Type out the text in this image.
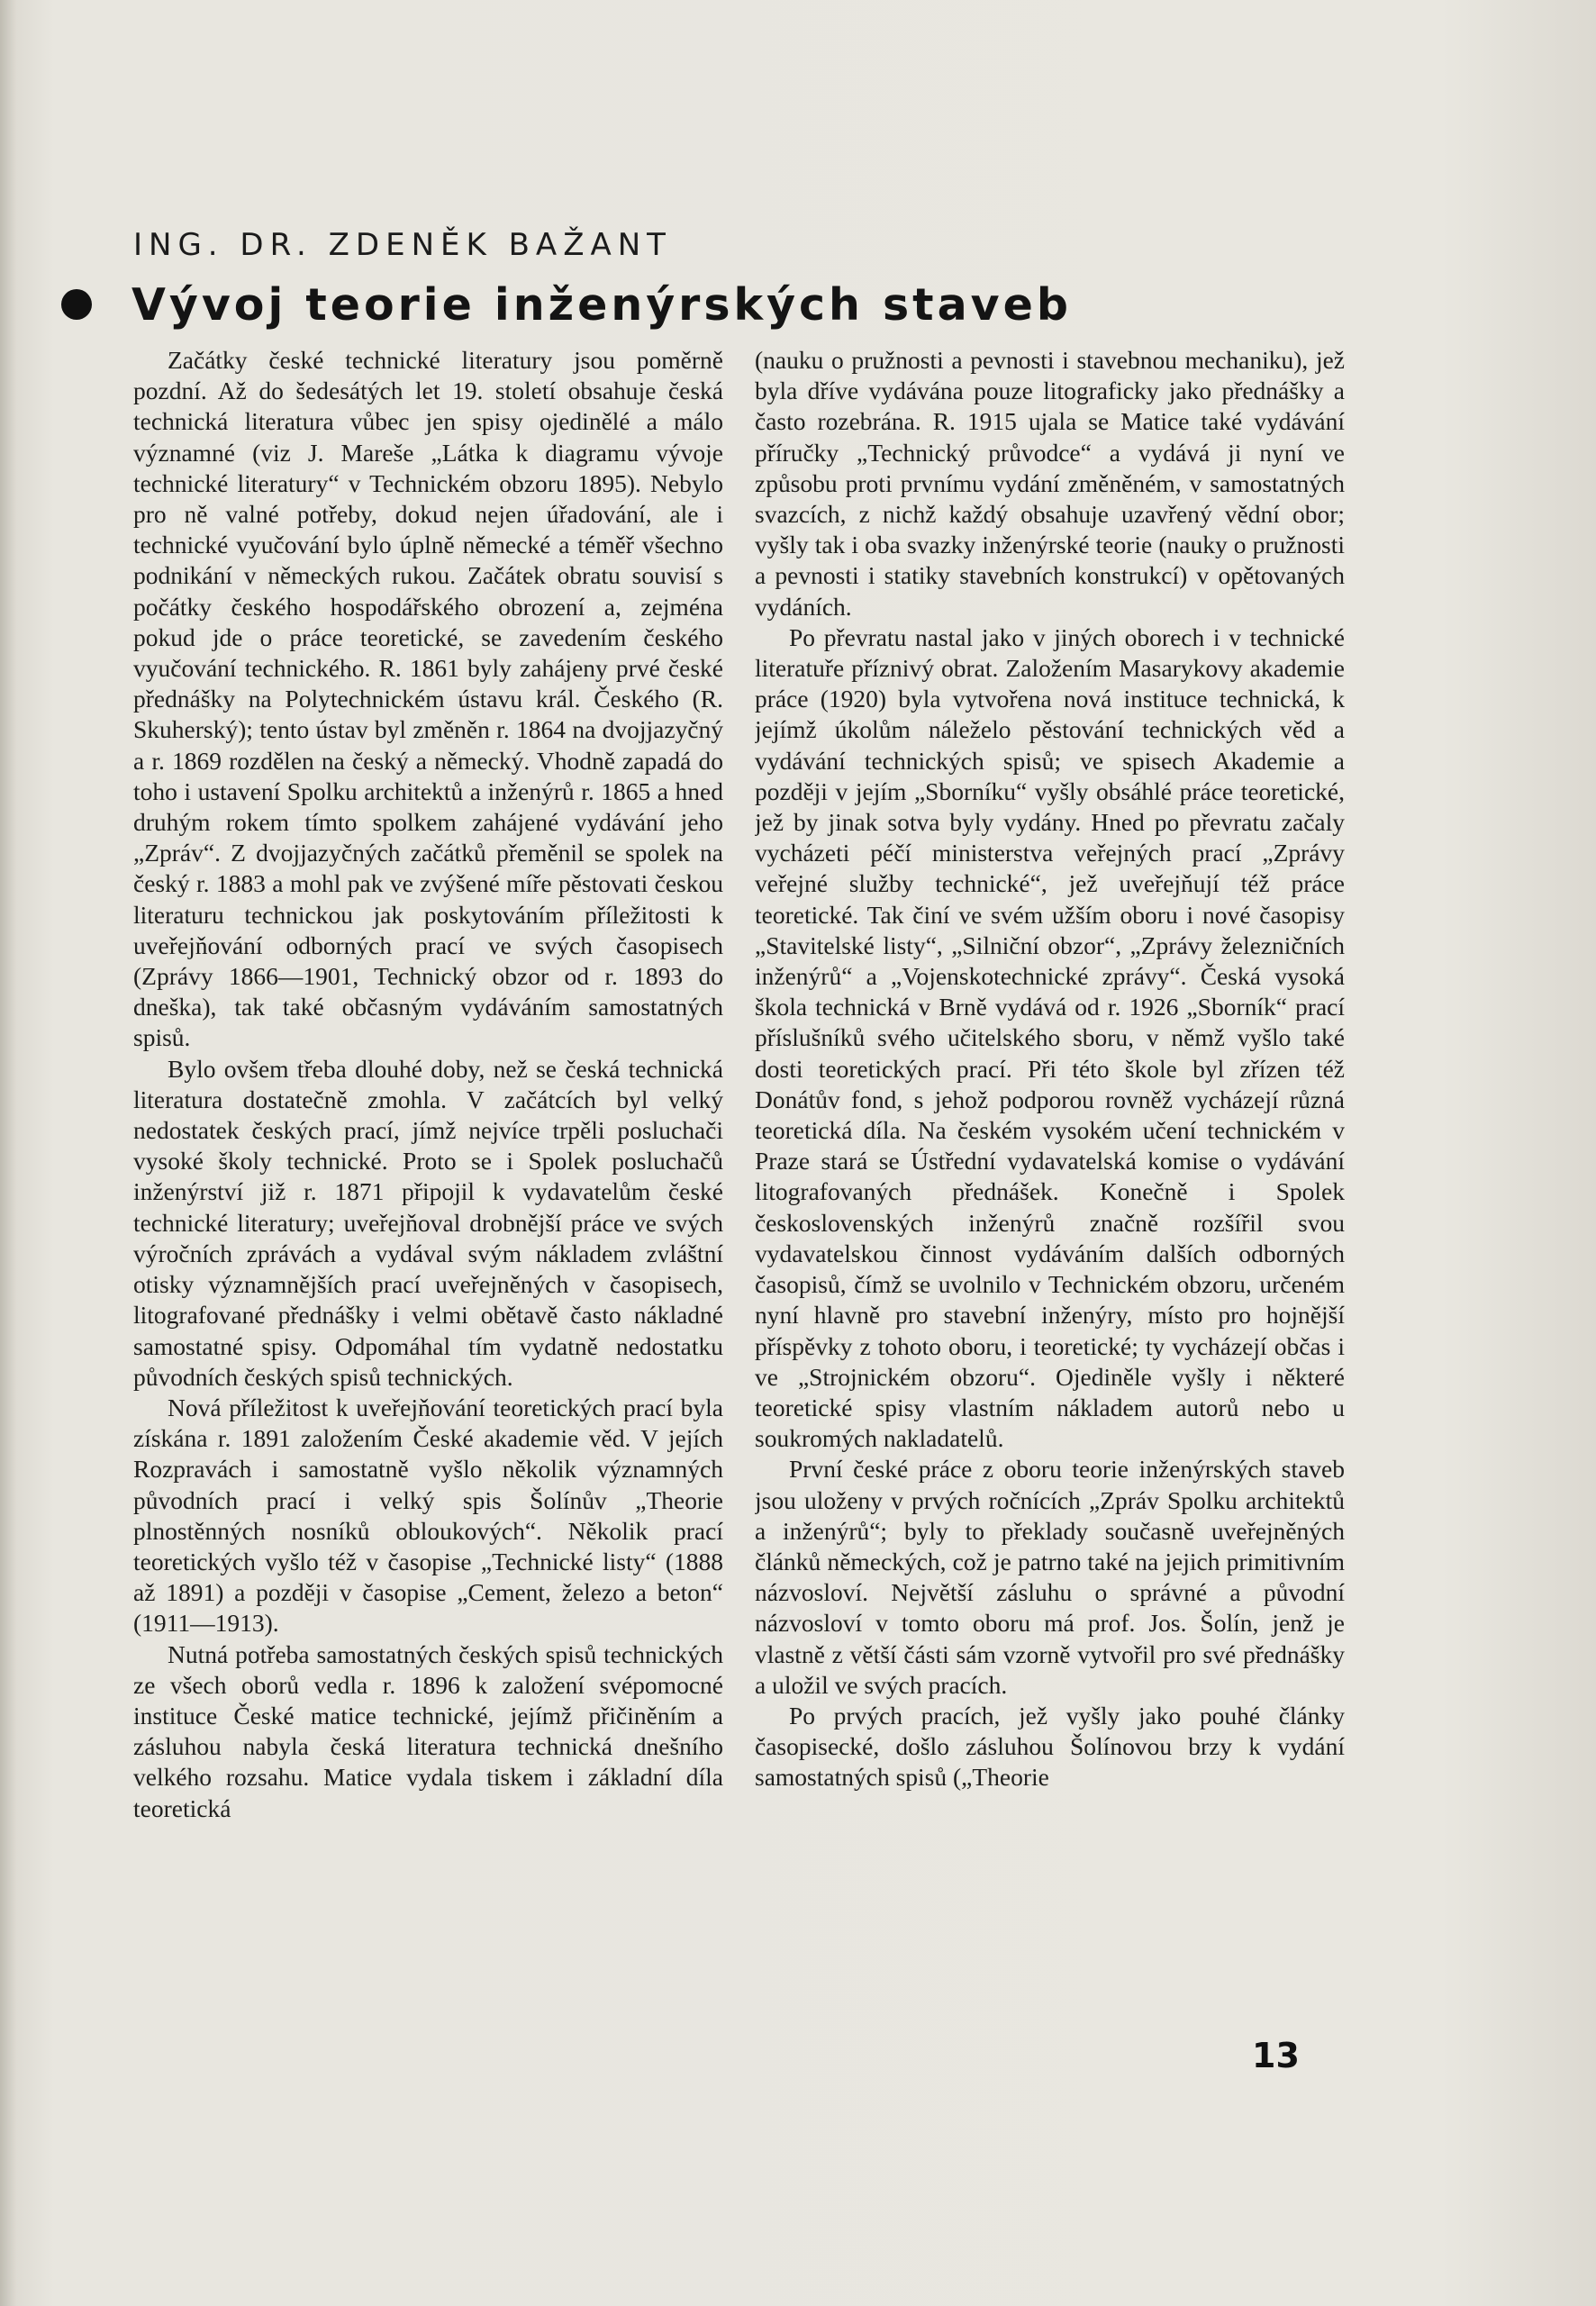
ING. DR. ZDENĚK BAŽANT

Vývoj teorie inženýrských staveb

Začátky české technické literatury jsou poměrně pozdní. Až do šedesátých let 19. století obsahuje česká technická literatura vůbec jen spisy ojedinělé a málo významné (viz J. Mareše „Látka k diagramu vývoje technické literatury“ v Technickém obzoru 1895). Nebylo pro ně valné potřeby, dokud nejen úřadování, ale i technické vyučování bylo úplně německé a téměř všechno podnikání v německých rukou. Začátek obratu souvisí s počátky českého hospodářského obrození a, zejména pokud jde o práce teoretické, se zavedením českého vyučování technického. R. 1861 byly zahájeny prvé české přednášky na Polytechnickém ústavu král. Českého (R. Skuherský); tento ústav byl změněn r. 1864 na dvojjazyčný a r. 1869 rozdělen na český a německý. Vhodně zapadá do toho i ustavení Spolku architektů a inženýrů r. 1865 a hned druhým rokem tímto spolkem zahájené vydávání jeho „Zpráv“. Z dvojjazyčných začátků přeměnil se spolek na český r. 1883 a mohl pak ve zvýšené míře pěstovati českou literaturu technickou jak poskytováním příležitosti k uveřejňování odborných prací ve svých časopisech (Zprávy 1866—1901, Technický obzor od r. 1893 do dneška), tak také občasným vydáváním samostatných spisů.

Bylo ovšem třeba dlouhé doby, než se česká technická literatura dostatečně zmohla. V začátcích byl velký nedostatek českých prací, jímž nejvíce trpěli posluchači vysoké školy technické. Proto se i Spolek posluchačů inženýrství již r. 1871 připojil k vydavatelům české technické literatury; uveřejňoval drobnější práce ve svých výročních zprávách a vydával svým nákladem zvláštní otisky významnějších prací uveřejněných v časopisech, litografované přednášky i velmi obětavě často nákladné samostatné spisy. Odpomáhal tím vydatně nedostatku původních českých spisů technických.

Nová příležitost k uveřejňování teoretických prací byla získána r. 1891 založením České akademie věd. V jejích Rozpravách i samostatně vyšlo několik významných původních prací i velký spis Šolínův „Theorie plnostěnných nosníků obloukových“. Několik prací teoretických vyšlo též v časopise „Technické listy“ (1888 až 1891) a později v časopise „Cement, železo a beton“ (1911—1913).

Nutná potřeba samostatných českých spisů technických ze všech oborů vedla r. 1896 k založení svépomocné instituce České matice technické, jejímž přičiněním a zásluhou nabyla česká literatura technická dnešního velkého rozsahu. Matice vydala tiskem i základní díla teoretická

(nauku o pružnosti a pevnosti i stavebnou mechaniku), jež byla dříve vydávána pouze litograficky jako přednášky a často rozebrána. R. 1915 ujala se Matice také vydávání příručky „Technický průvodce“ a vydává ji nyní ve způsobu proti prvnímu vydání změněném, v samostatných svazcích, z nichž každý obsahuje uzavřený vědní obor; vyšly tak i oba svazky inženýrské teorie (nauky o pružnosti a pevnosti i statiky stavebních konstrukcí) v opětovaných vydáních.

Po převratu nastal jako v jiných oborech i v technické literatuře příznivý obrat. Založením Masarykovy akademie práce (1920) byla vytvořena nová instituce technická, k jejímž úkolům náleželo pěstování technických věd a vydávání technických spisů; ve spisech Akademie a později v jejím „Sborníku“ vyšly obsáhlé práce teoretické, jež by jinak sotva byly vydány. Hned po převratu začaly vycházeti péčí ministerstva veřejných prací „Zprávy veřejné služby technické“, jež uveřejňují též práce teoretické. Tak činí ve svém užším oboru i nové časopisy „Stavitelské listy“, „Silniční obzor“, „Zprávy železničních inženýrů“ a „Vojenskotechnické zprávy“. Česká vysoká škola technická v Brně vydává od r. 1926 „Sborník“ prací příslušníků svého učitelského sboru, v němž vyšlo také dosti teoretických prací. Při této škole byl zřízen též Donátův fond, s jehož podporou rovněž vycházejí různá teoretická díla. Na českém vysokém učení technickém v Praze stará se Ústřední vydavatelská komise o vydávání litografovaných přednášek. Konečně i Spolek československých inženýrů značně rozšířil svou vydavatelskou činnost vydáváním dalších odborných časopisů, čímž se uvolnilo v Technickém obzoru, určeném nyní hlavně pro stavební inženýry, místo pro hojnější příspěvky z tohoto oboru, i teoretické; ty vycházejí občas i ve „Strojnickém obzoru“. Ojediněle vyšly i některé teoretické spisy vlastním nákladem autorů nebo u soukromých nakladatelů.

První české práce z oboru teorie inženýrských staveb jsou uloženy v prvých ročnících „Zpráv Spolku architektů a inženýrů“; byly to překlady současně uveřejněných článků německých, což je patrno také na jejich primitivním názvosloví. Největší zásluhu o správné a původní názvosloví v tomto oboru má prof. Jos. Šolín, jenž je vlastně z větší části sám vzorně vytvořil pro své přednášky a uložil ve svých pracích.

Po prvých pracích, jež vyšly jako pouhé články časopisecké, došlo zásluhou Šolínovou brzy k vydání samostatných spisů („Theorie

13
